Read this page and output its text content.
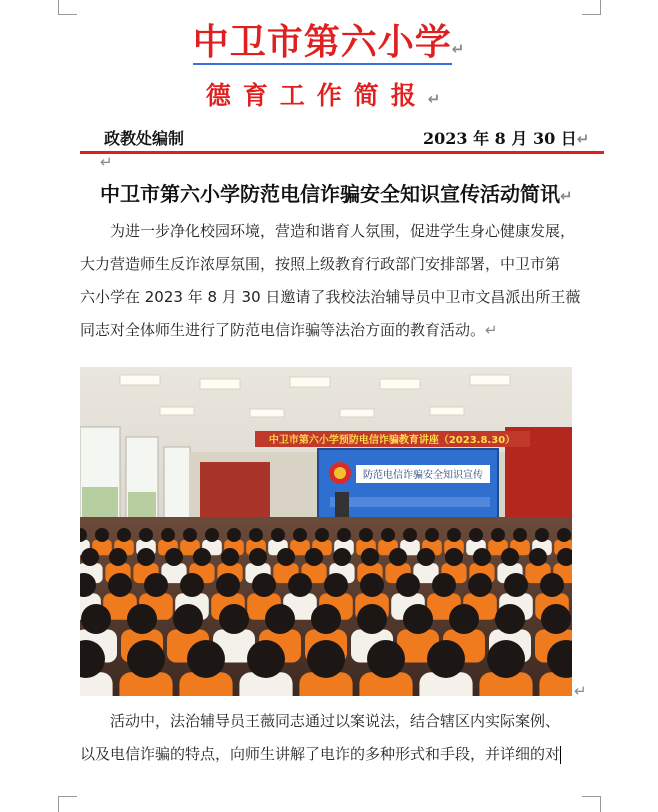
中卫市第六小学↵
德育工作简报↵
政教处编制	2023 年 8 月 30 日↵
↵
中卫市第六小学防范电信诈骗安全知识宣传活动简讯↵
为进一步净化校园环境，营造和谐育人氛围，促进学生身心健康发展，
大力营造师生反诈浓厚氛围，按照上级教育行政部门安排部署，中卫市第
六小学在 2023 年 8 月 30 日邀请了我校法治辅导员中卫市文昌派出所王薇
同志对全体师生进行了防范电信诈骗等法治方面的教育活动。↵
中卫市第六小学预防电信诈骗教育讲座（2023.8.30）
防范电信诈骗安全知识宣传
↵
活动中，法治辅导员王薇同志通过以案说法，结合辖区内实际案例、
以及电信诈骗的特点，向师生讲解了电诈的多种形式和手段，并详细的对
